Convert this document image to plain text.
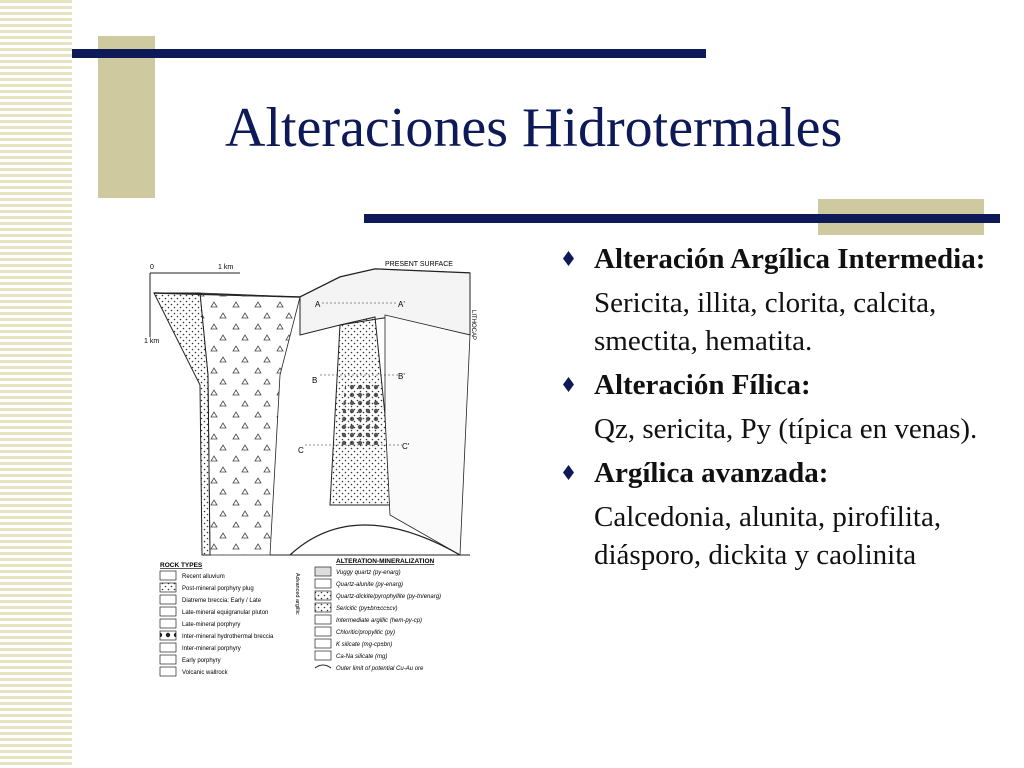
Alteraciones Hidrotermales
0	1 km
1 km
PRESENT SURFACE
LITHOCAP
A	A'
B	B'
C	C'
ROCK TYPES
ALTERATION-MINERALIZATION
Advanced argillic
Recent alluvium
Post-mineral porphyry plug
Diatreme breccia: Early / Late
Late-mineral equigranular pluton
Late-mineral porphyry
Inter-mineral hydrothermal breccia
Inter-mineral porphyry
Early porphyry
Volcanic wallrock
Vuggy quartz (py-enarg)
Quartz-alunite (py-enarg)
Quartz-dickite/pyrophyllite (py-tn/enarg)
Sericitic (py±bn±cc±cv)
Intermediate argillic (hem-py-cp)
Chloritic/propylitic (py)
K silicate (mg-cp±bn)
Ca-Na silicate (mg)
Outer limit of potential Cu-Au ore
Alteración Argílica Intermedia:
Sericita, illita, clorita, calcita, smectita, hematita.
Alteración Fílica:
Qz, sericita, Py (típica en venas).
Argílica avanzada:
Calcedonia, alunita, pirofilita, diásporo, dickita y caolinita
